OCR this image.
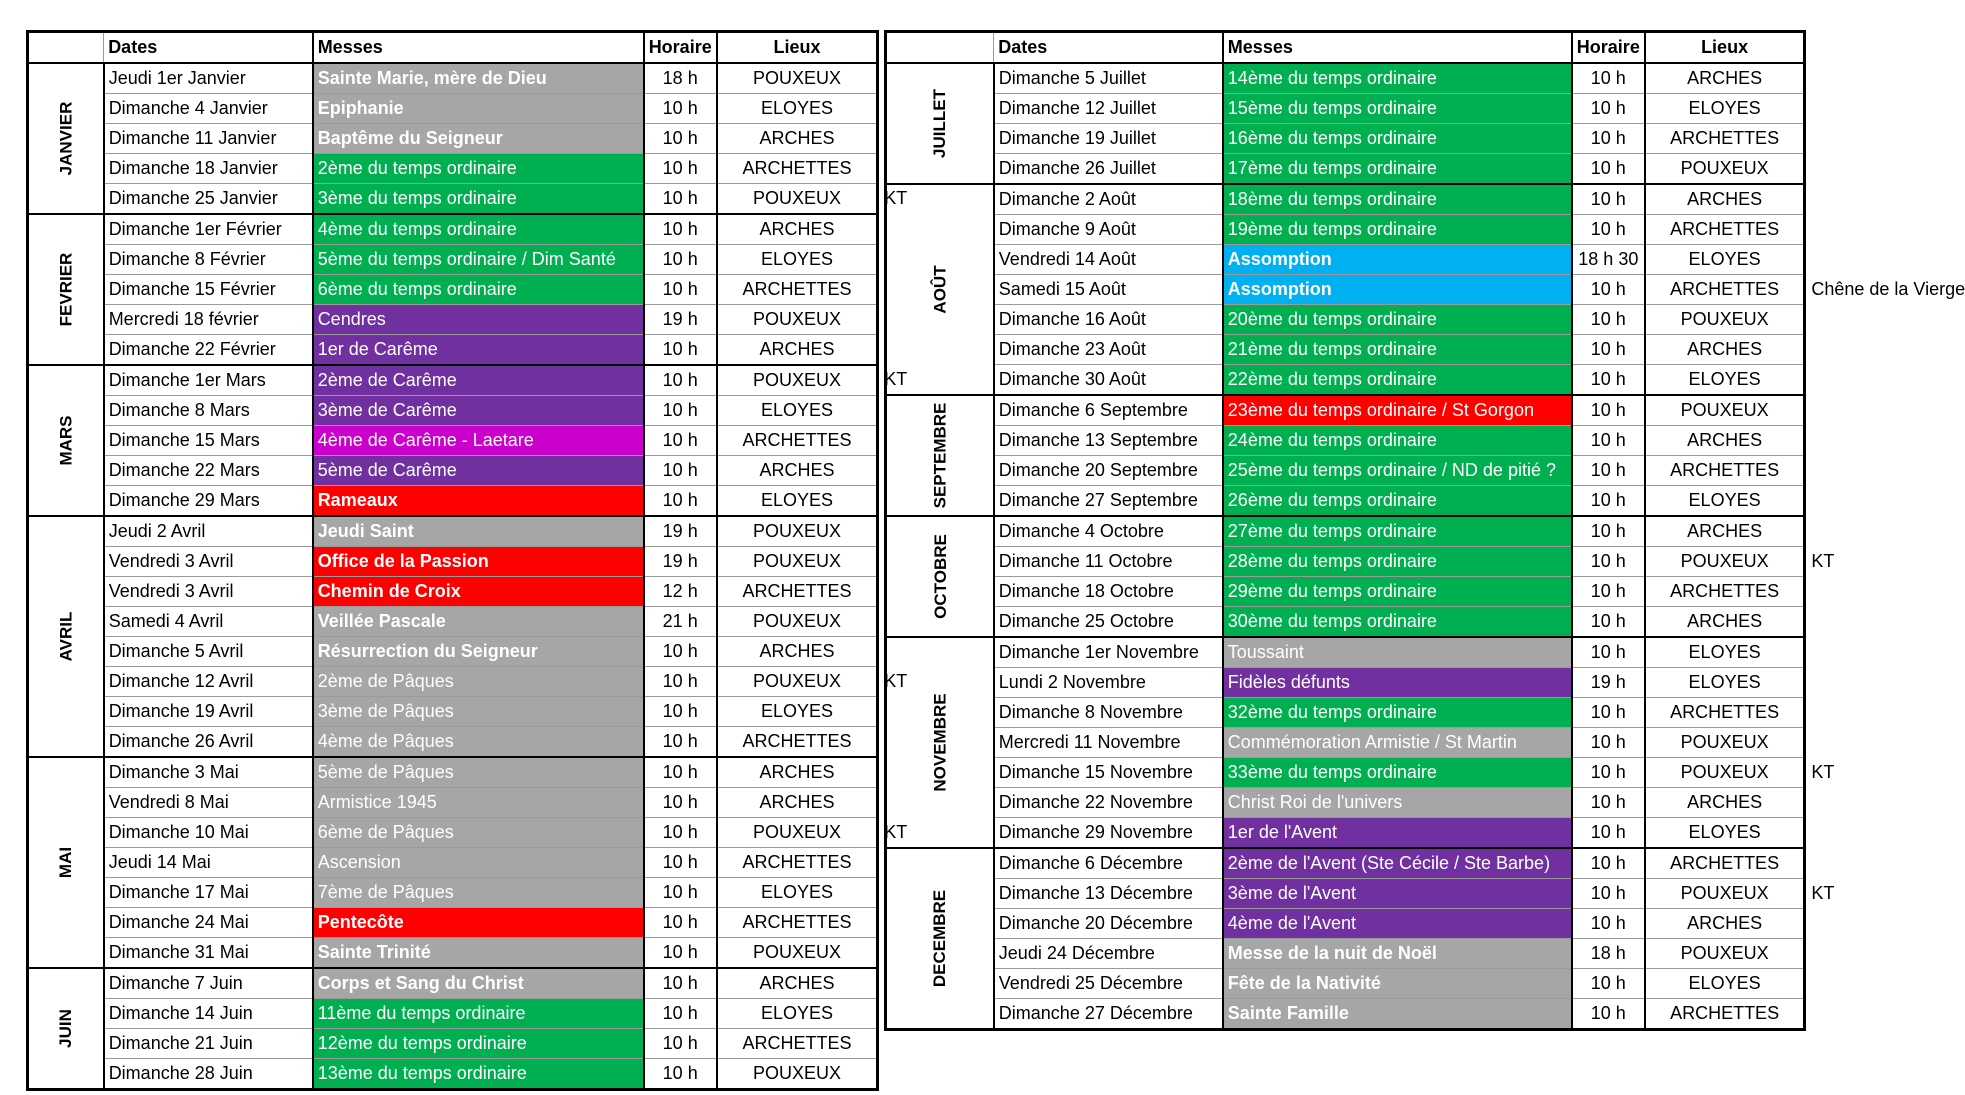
	Dates	Messes	Horaire	Lieux
JANVIER	Jeudi 1er Janvier	Sainte Marie, mère de Dieu	18 h	POUXEUX
	Dimanche 4 Janvier	Epiphanie	10 h	ELOYES
	Dimanche 11 Janvier	Baptême du Seigneur	10 h	ARCHES
	Dimanche 18 Janvier	2ème du temps ordinaire	10 h	ARCHETTES
	Dimanche 25 Janvier	3ème du temps ordinaire	10 h	POUXEUX
FEVRIER	Dimanche 1er Février	4ème du temps ordinaire	10 h	ARCHES
	Dimanche 8 Février	5ème du temps ordinaire / Dim Santé	10 h	ELOYES
	Dimanche 15 Février	6ème du temps ordinaire	10 h	ARCHETTES
	Mercredi 18 février	Cendres	19 h	POUXEUX
	Dimanche 22 Février	1er de Carême	10 h	ARCHES
MARS	Dimanche 1er Mars	2ème de Carême	10 h	POUXEUX
	Dimanche 8 Mars	3ème de Carême	10 h	ELOYES
	Dimanche 15 Mars	4ème de Carême - Laetare	10 h	ARCHETTES
	Dimanche 22 Mars	5ème de Carême	10 h	ARCHES
	Dimanche 29 Mars	Rameaux	10 h	ELOYES
AVRIL	Jeudi 2 Avril	Jeudi Saint	19 h	POUXEUX
	Vendredi 3 Avril	Office de la Passion	19 h	POUXEUX
	Vendredi 3 Avril	Chemin de Croix	12 h	ARCHETTES
	Samedi 4 Avril	Veillée Pascale	21 h	POUXEUX
	Dimanche 5 Avril	Résurrection du Seigneur	10 h	ARCHES
	Dimanche 12 Avril	2ème de Pâques	10 h	POUXEUX
	Dimanche 19 Avril	3ème de Pâques	10 h	ELOYES
	Dimanche 26 Avril	4ème de Pâques	10 h	ARCHETTES
MAI	Dimanche 3 Mai	5ème de Pâques	10 h	ARCHES
	Vendredi 8 Mai	Armistice 1945	10 h	ARCHES
	Dimanche 10 Mai	6ème de Pâques	10 h	POUXEUX
	Jeudi 14 Mai	Ascension	10 h	ARCHETTES
	Dimanche 17 Mai	7ème de Pâques	10 h	ELOYES
	Dimanche 24 Mai	Pentecôte	10 h	ARCHETTES
	Dimanche 31 Mai	Sainte Trinité	10 h	POUXEUX
JUIN	Dimanche 7 Juin	Corps et Sang du Christ	10 h	ARCHES
	Dimanche 14 Juin	11ème du temps ordinaire	10 h	ELOYES
	Dimanche 21 Juin	12ème du temps ordinaire	10 h	ARCHETTES
	Dimanche 28 Juin	13ème du temps ordinaire	10 h	POUXEUX
	Dates	Messes	Horaire	Lieux
JUILLET	Dimanche 5 Juillet	14ème du temps ordinaire	10 h	ARCHES
	Dimanche 12 Juillet	15ème du temps ordinaire	10 h	ELOYES
	Dimanche 19 Juillet	16ème du temps ordinaire	10 h	ARCHETTES
	Dimanche 26 Juillet	17ème du temps ordinaire	10 h	POUXEUX
AOÛT	Dimanche 2 Août	18ème du temps ordinaire	10 h	ARCHES
	Dimanche 9 Août	19ème du temps ordinaire	10 h	ARCHETTES
	Vendredi 14 Août	Assomption	18 h 30	ELOYES
	Samedi 15 Août	Assomption	10 h	ARCHETTES
	Dimanche 16 Août	20ème du temps ordinaire	10 h	POUXEUX
	Dimanche 23 Août	21ème du temps ordinaire	10 h	ARCHES
	Dimanche 30 Août	22ème du temps ordinaire	10 h	ELOYES
SEPTEMBRE	Dimanche 6 Septembre	23ème du temps ordinaire / St Gorgon	10 h	POUXEUX
	Dimanche 13 Septembre	24ème du temps ordinaire	10 h	ARCHES
	Dimanche 20 Septembre	25ème du temps ordinaire / ND de pitié ?	10 h	ARCHETTES
	Dimanche 27 Septembre	26ème du temps ordinaire	10 h	ELOYES
OCTOBRE	Dimanche 4 Octobre	27ème du temps ordinaire	10 h	ARCHES
	Dimanche 11 Octobre	28ème du temps ordinaire	10 h	POUXEUX
	Dimanche 18 Octobre	29ème du temps ordinaire	10 h	ARCHETTES
	Dimanche 25 Octobre	30ème du temps ordinaire	10 h	ARCHES
NOVEMBRE	Dimanche 1er Novembre	Toussaint	10 h	ELOYES
	Lundi 2 Novembre	Fidèles défunts	19 h	ELOYES
	Dimanche 8 Novembre	32ème du temps ordinaire	10 h	ARCHETTES
	Mercredi 11 Novembre	Commémoration Armistie / St Martin	10 h	POUXEUX
	Dimanche 15 Novembre	33ème du temps ordinaire	10 h	POUXEUX
	Dimanche 22 Novembre	Christ Roi de l'univers	10 h	ARCHES
	Dimanche 29 Novembre	1er de l'Avent	10 h	ELOYES
DECEMBRE	Dimanche 6 Décembre	2ème de l'Avent (Ste Cécile / Ste Barbe)	10 h	ARCHETTES
	Dimanche 13 Décembre	3ème de l'Avent	10 h	POUXEUX
	Dimanche 20 Décembre	4ème de l'Avent	10 h	ARCHES
	Jeudi 24 Décembre	Messe de la nuit de Noël	18 h	POUXEUX
	Vendredi 25 Décembre	Fête de la Nativité	10 h	ELOYES
	Dimanche 27 Décembre	Sainte Famille	10 h	ARCHETTES
KT
KT
KT
KT
Chêne de la Vierge
KT
KT
KT
